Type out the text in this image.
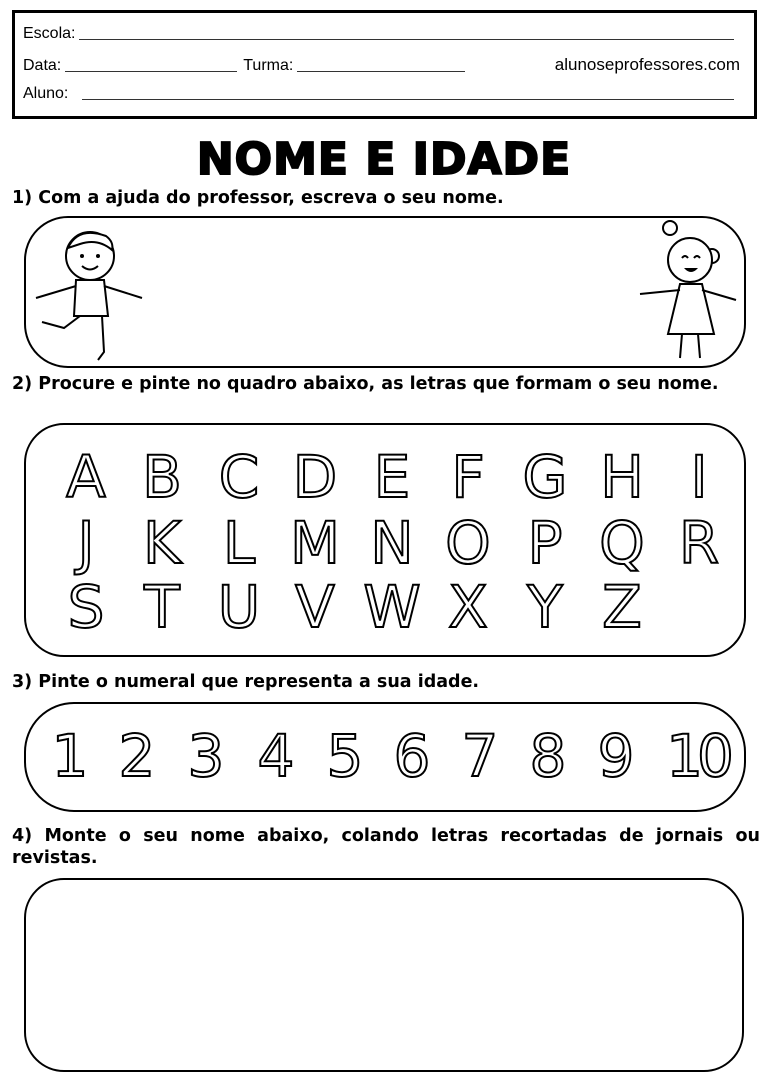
Escola:
Data:	Turma:	alunoseprofessores.com
Aluno:
NOME E IDADE
1) Com a ajuda do professor, escreva o seu nome.
2) Procure e pinte no quadro abaixo, as letras que formam o seu nome.
A B C D E F G H I
J K L M N O P Q R
S T U V W X Y Z
3) Pinte o numeral que representa a sua idade.
1 2 3 4 5 6 7 8 9 10
4) Monte o seu nome abaixo, colando letras recortadas de jornais ou revistas.
